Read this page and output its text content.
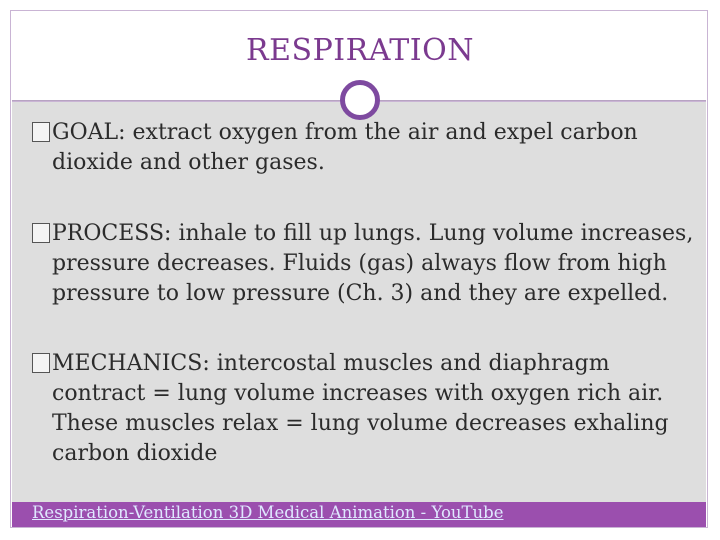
RESPIRATION
GOAL: extract oxygen from the air and expel carbon dioxide and other gases.
PROCESS: inhale to fill up lungs. Lung volume increases, pressure decreases. Fluids (gas) always flow from high pressure to low pressure (Ch. 3) and they are expelled.
MECHANICS: intercostal muscles and diaphragm contract = lung volume increases with oxygen rich air. These muscles relax = lung volume decreases exhaling carbon dioxide
Respiration-Ventilation 3D Medical Animation - YouTube
